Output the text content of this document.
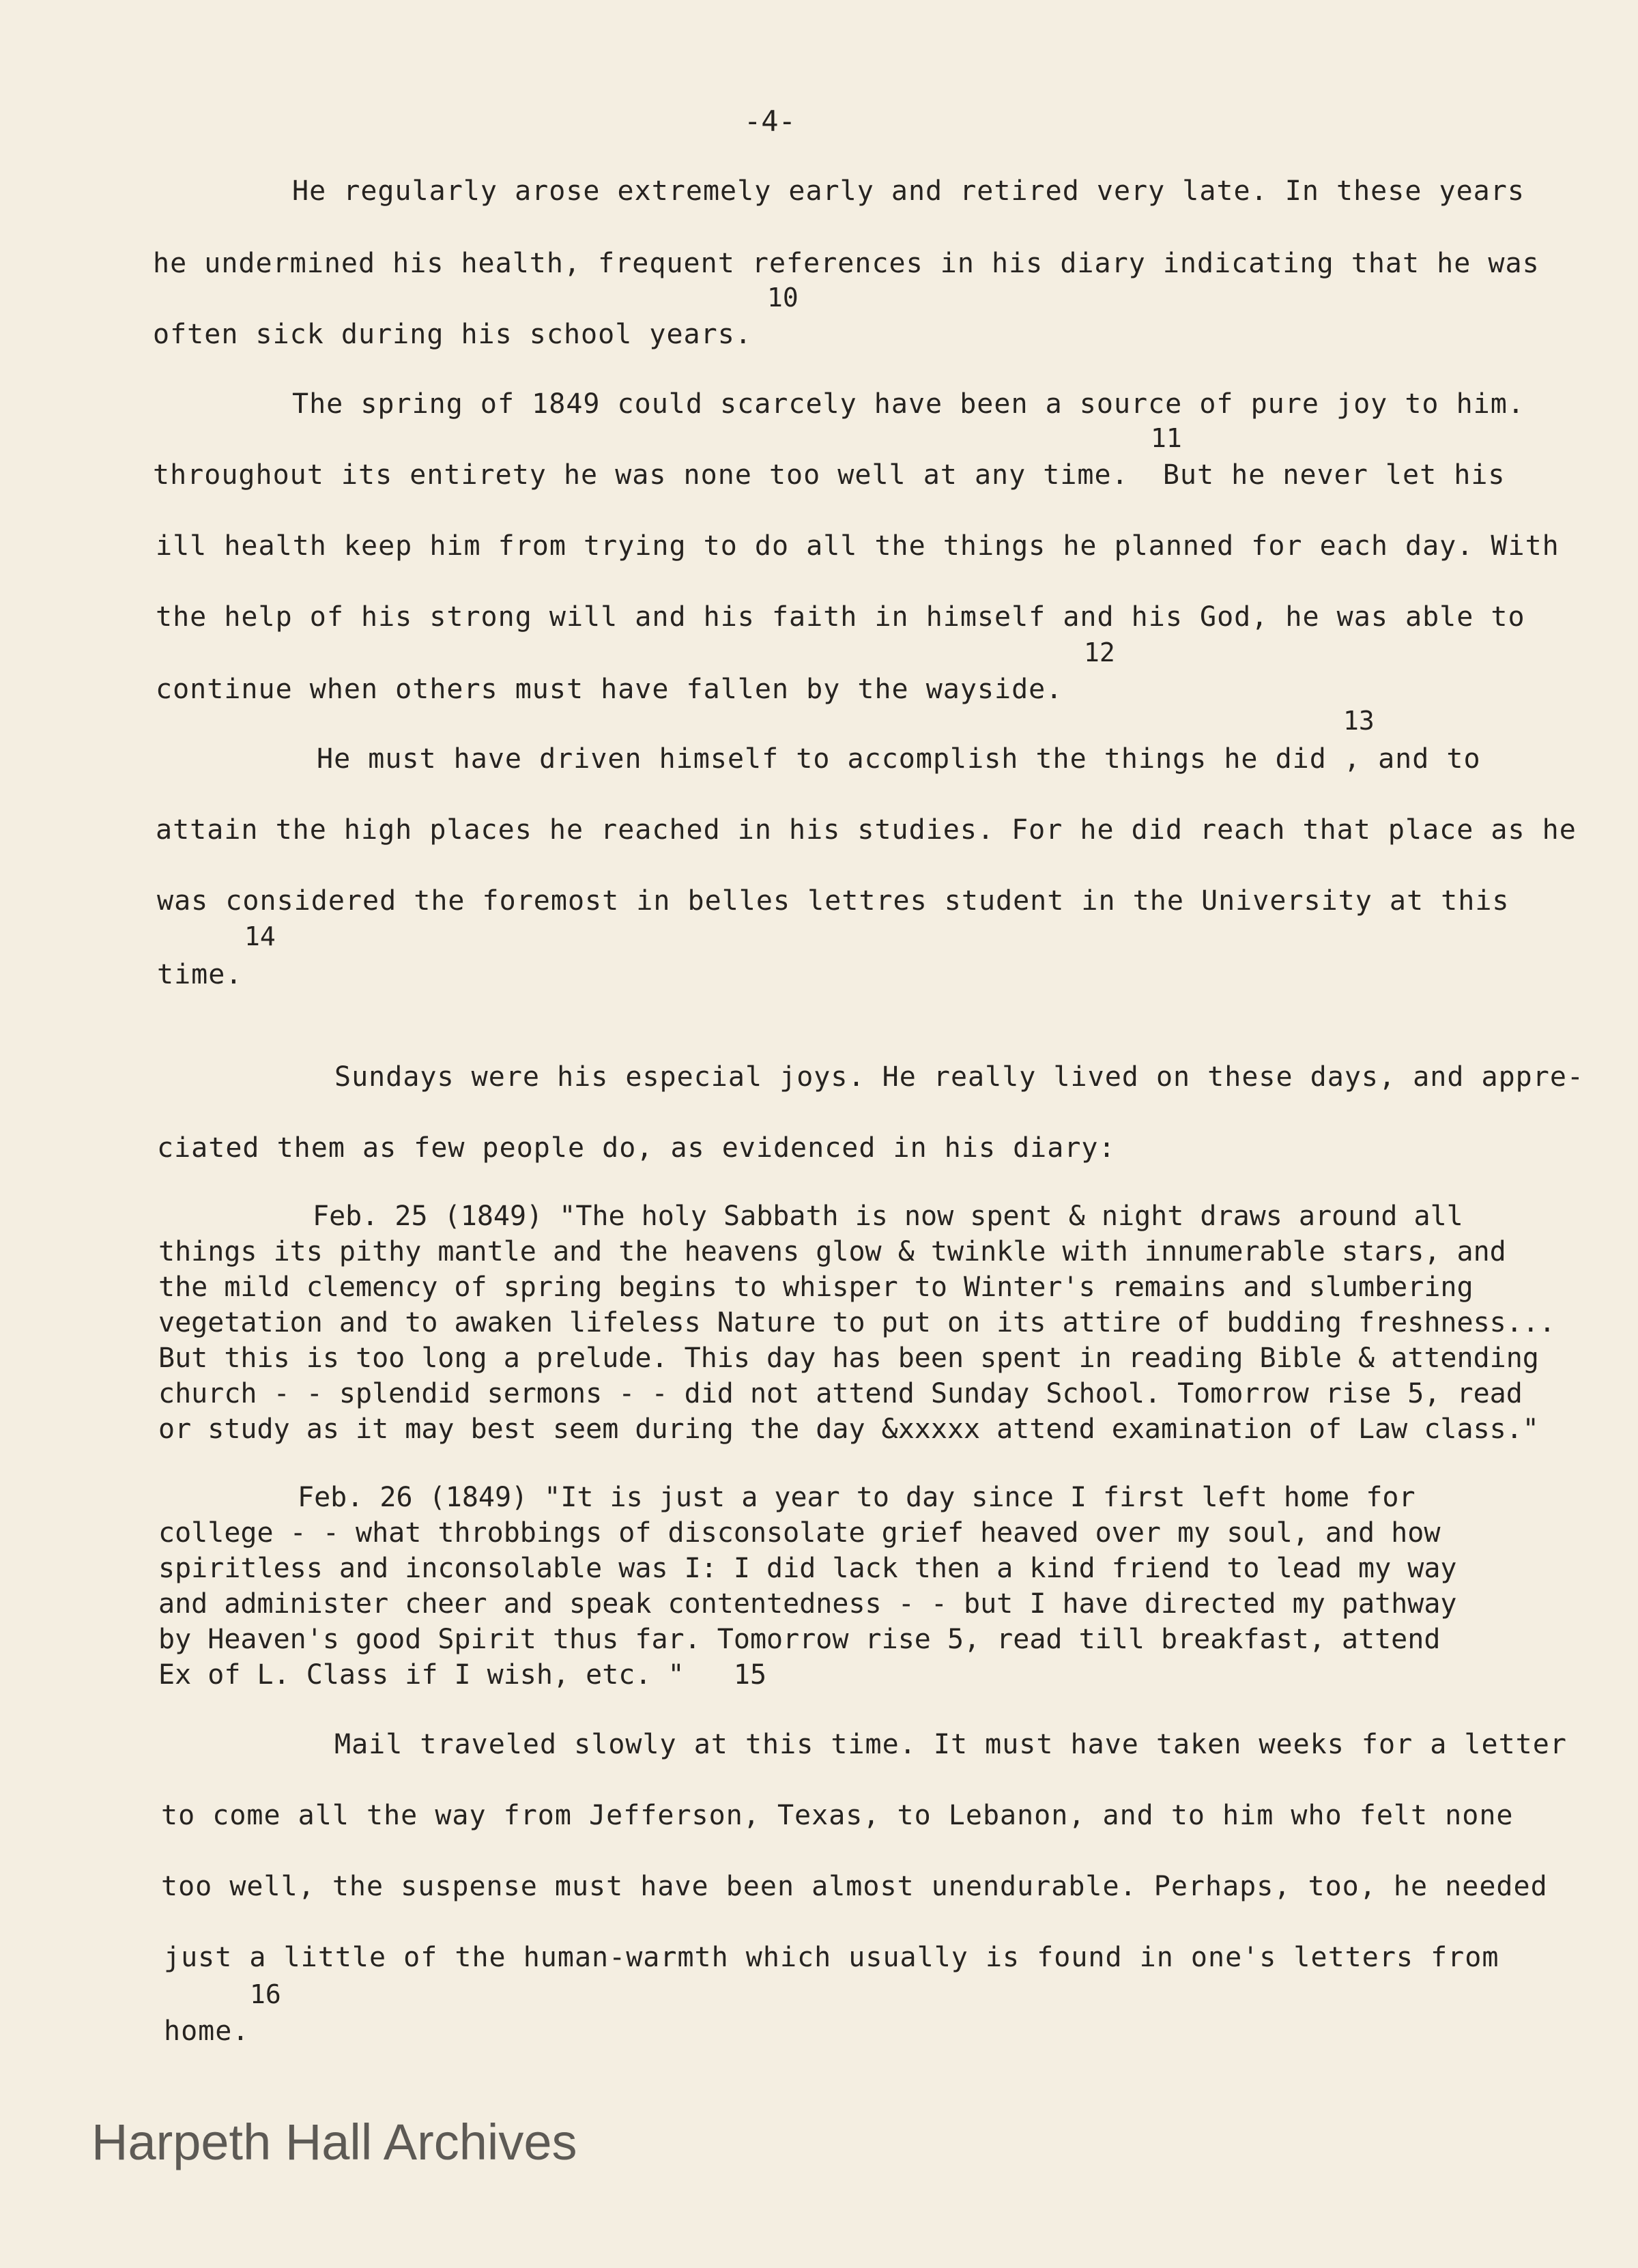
-4-
He regularly arose extremely early and retired very late. In these years
he undermined his health, frequent references in his diary indicating that he was
10
often sick during his school years.
The spring of 1849 could scarcely have been a source of pure joy to him.
11
throughout its entirety he was none too well at any time.  But he never let his
ill health keep him from trying to do all the things he planned for each day. With
the help of his strong will and his faith in himself and his God, he was able to
12
continue when others must have fallen by the wayside.
13
He must have driven himself to accomplish the things he did , and to
attain the high places he reached in his studies. For he did reach that place as he
was considered the foremost in belles lettres student in the University at this
14
time.
Sundays were his especial joys. He really lived on these days, and appre-
ciated them as few people do, as evidenced in his diary:
Feb. 25 (1849) "The holy Sabbath is now spent & night draws around all
things its pithy mantle and the heavens glow & twinkle with innumerable stars, and
the mild clemency of spring begins to whisper to Winter's remains and slumbering
vegetation and to awaken lifeless Nature to put on its attire of budding freshness...
But this is too long a prelude. This day has been spent in reading Bible & attending
church - - splendid sermons - - did not attend Sunday School. Tomorrow rise 5, read
or study as it may best seem during the day &xxxxx attend examination of Law class."
Feb. 26 (1849) "It is just a year to day since I first left home for
college - - what throbbings of disconsolate grief heaved over my soul, and how
spiritless and inconsolable was I: I did lack then a kind friend to lead my way
and administer cheer and speak contentedness - - but I have directed my pathway
by Heaven's good Spirit thus far. Tomorrow rise 5, read till breakfast, attend
Ex of L. Class if I wish, etc. "   15
Mail traveled slowly at this time. It must have taken weeks for a letter
to come all the way from Jefferson, Texas, to Lebanon, and to him who felt none
too well, the suspense must have been almost unendurable. Perhaps, too, he needed
just a little of the human-warmth which usually is found in one's letters from
16
home.
Harpeth Hall Archives
